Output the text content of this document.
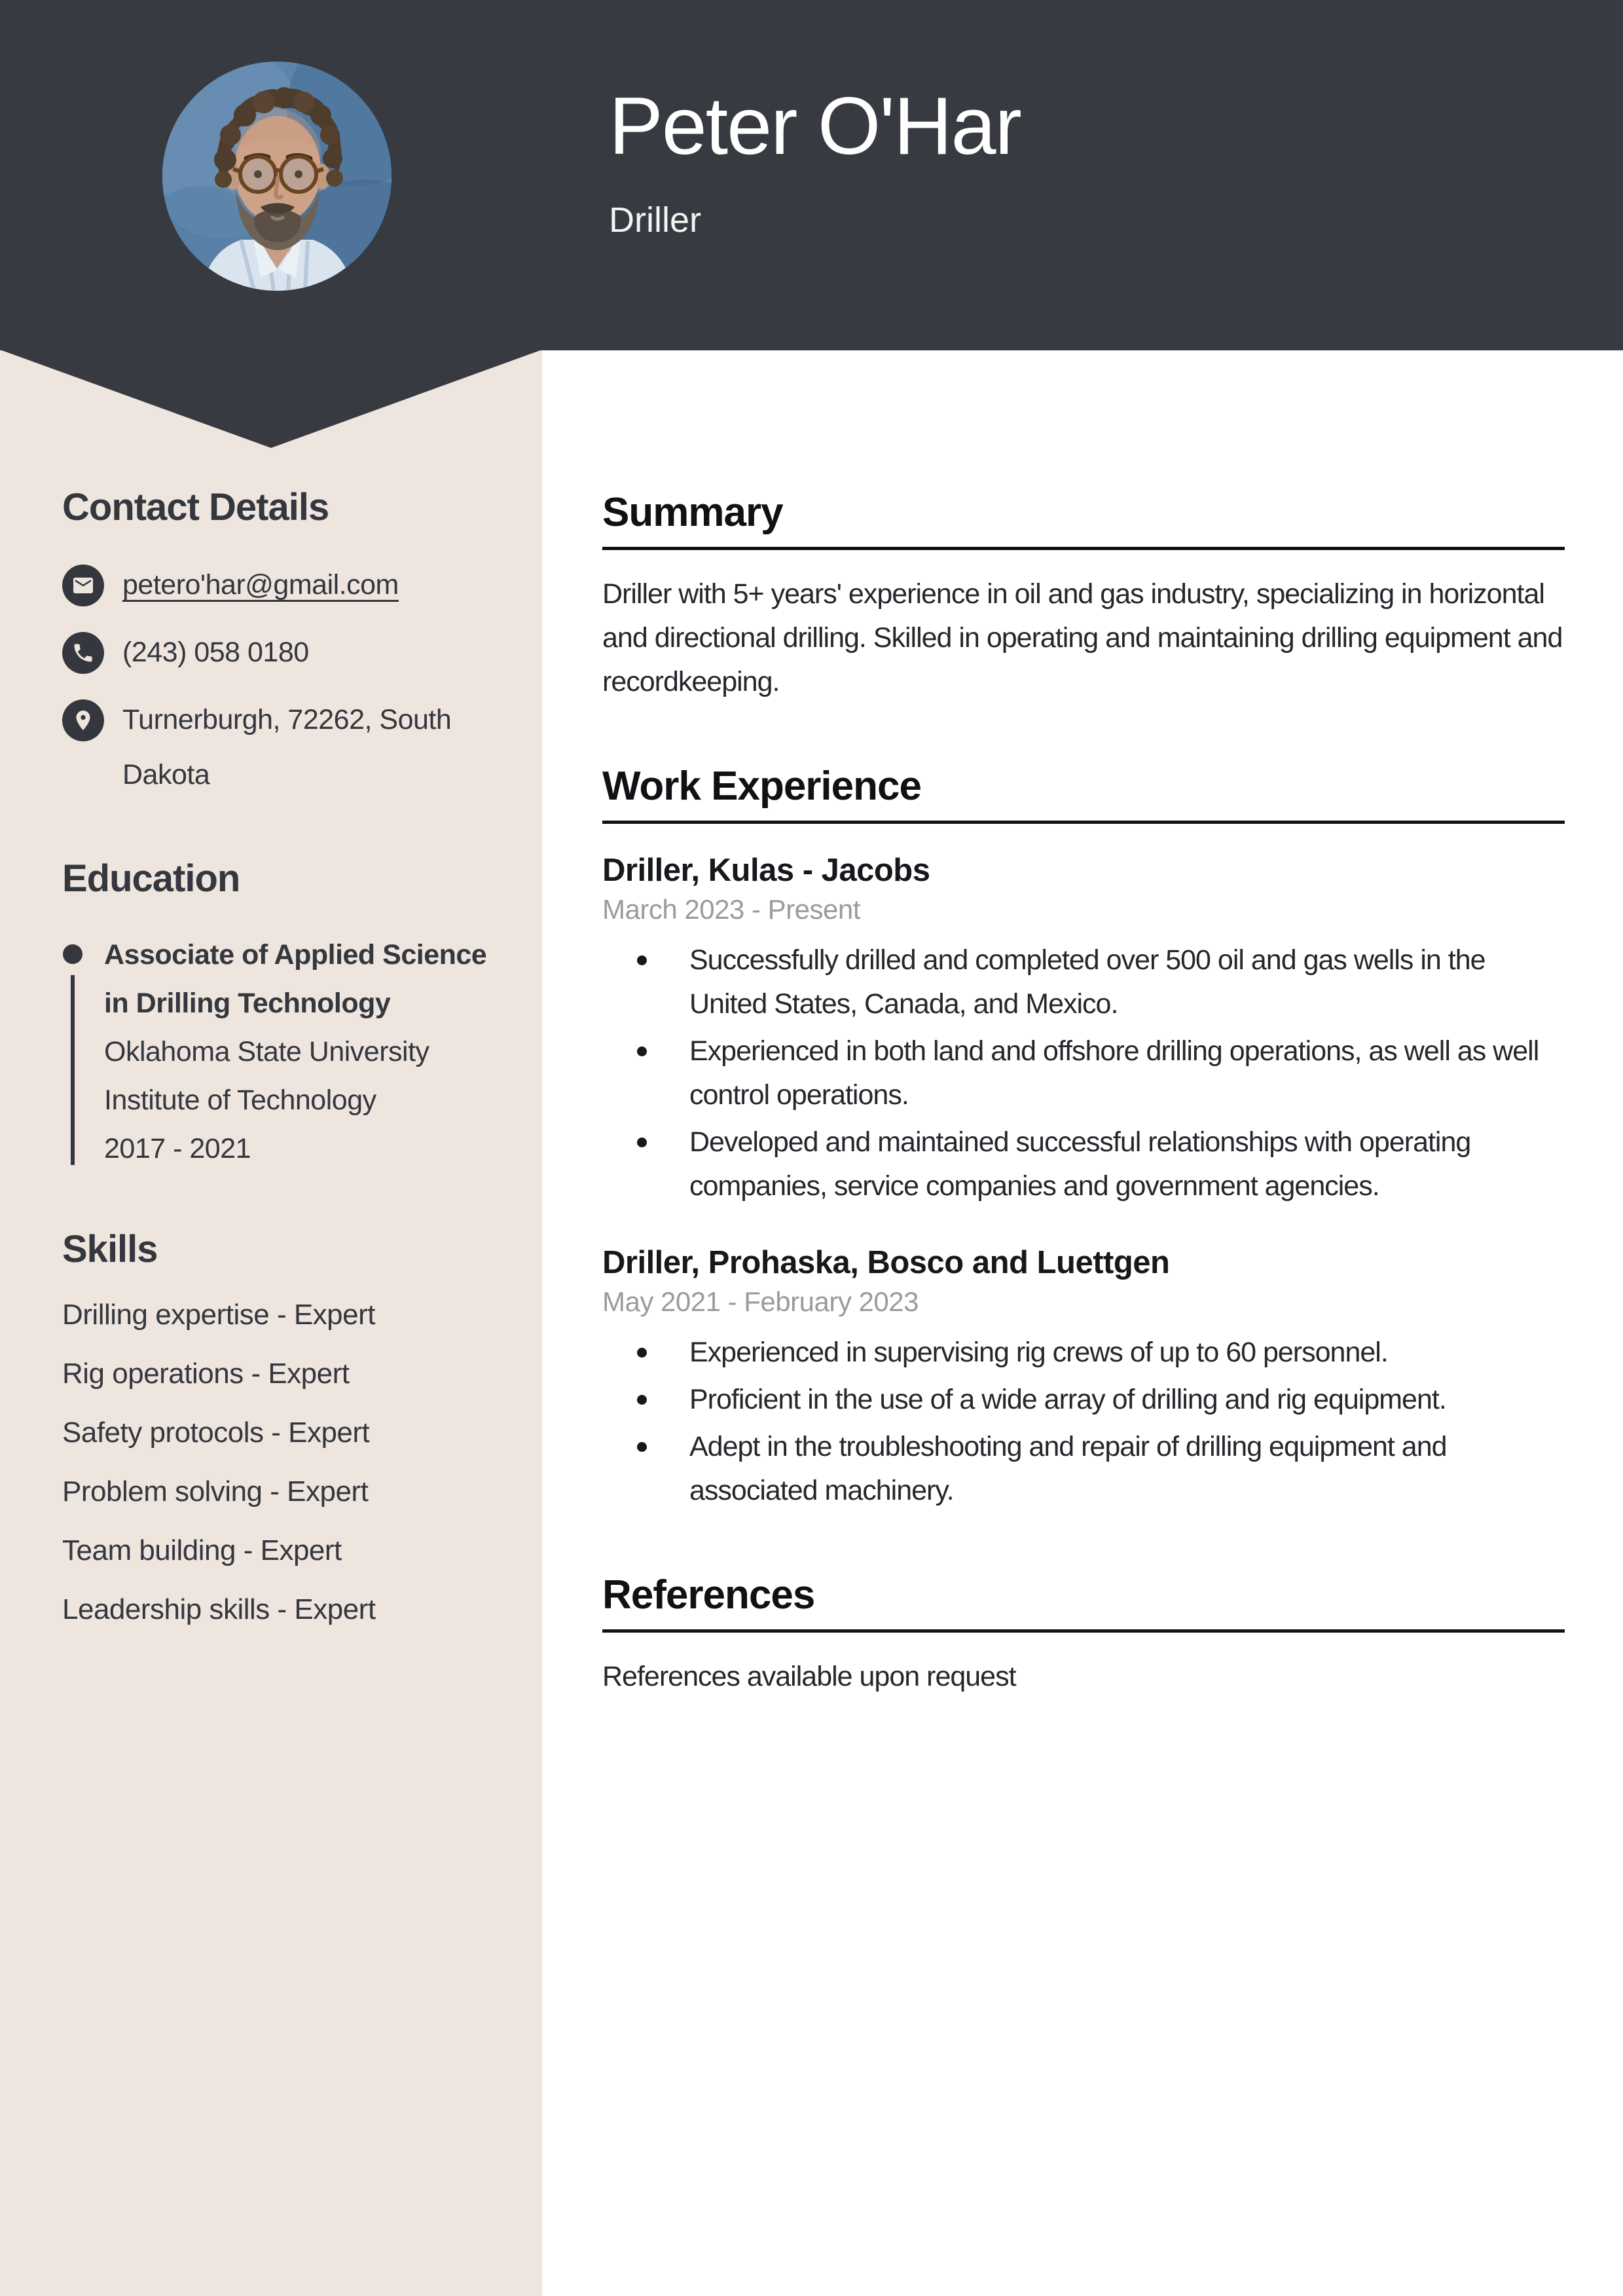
Peter O'Har
Driller
Contact Details
petero'har@gmail.com
(243) 058 0180
Turnerburgh, 72262, South Dakota
Education
Associate of Applied Science in Drilling Technology
Oklahoma State University Institute of Technology
2017 - 2021
Skills
Drilling expertise - Expert
Rig operations - Expert
Safety protocols - Expert
Problem solving - Expert
Team building - Expert
Leadership skills - Expert
Summary

Driller with 5+ years' experience in oil and gas industry, specializing in horizontal and directional drilling. Skilled in operating and maintaining drilling equipment and recordkeeping.

Work Experience
Driller, Kulas - Jacobs
March 2023 - Present
Successfully drilled and completed over 500 oil and gas wells in the United States, Canada, and Mexico.
Experienced in both land and offshore drilling operations, as well as well control operations.
Developed and maintained successful relationships with operating companies, service companies and government agencies.
Driller, Prohaska, Bosco and Luettgen
May 2021 - February 2023
Experienced in supervising rig crews of up to 60 personnel.
Proficient in the use of a wide array of drilling and rig equipment.
Adept in the troubleshooting and repair of drilling equipment and associated machinery.
References

References available upon request
